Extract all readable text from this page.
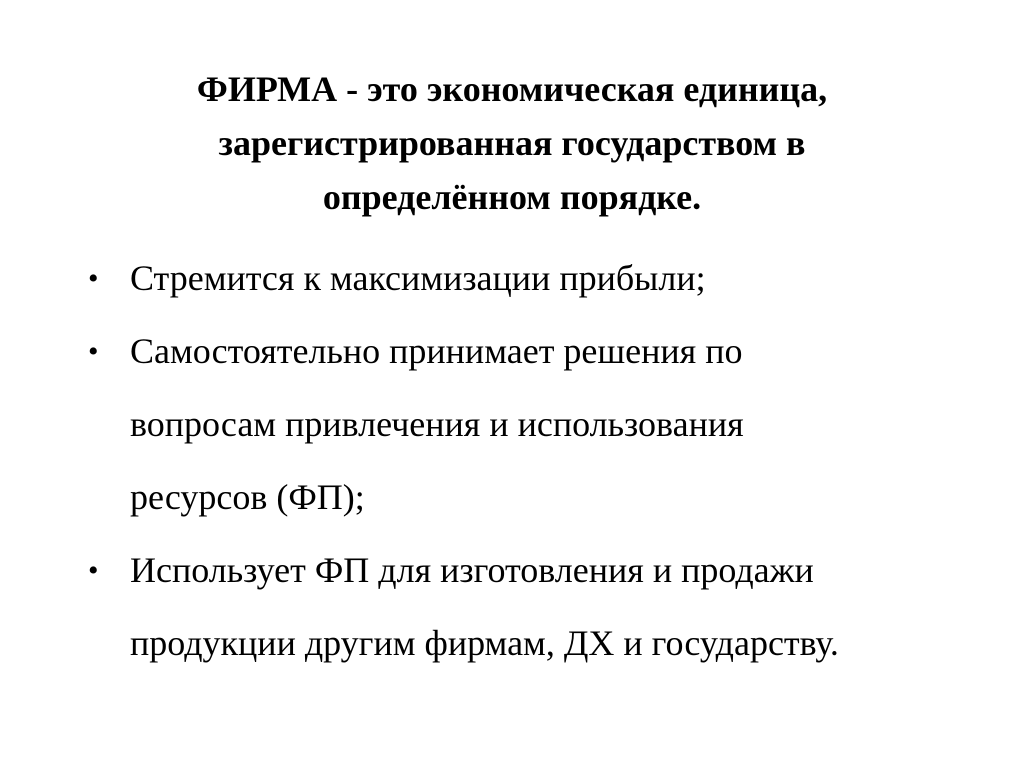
ФИРМА - это экономическая единица,
зарегистрированная государством в
определённом порядке.
• Стремится к максимизации прибыли;
• Самостоятельно принимает решения по
вопросам привлечения и использования
ресурсов (ФП);
• Использует ФП для изготовления и продажи
продукции другим фирмам, ДХ и государству.
